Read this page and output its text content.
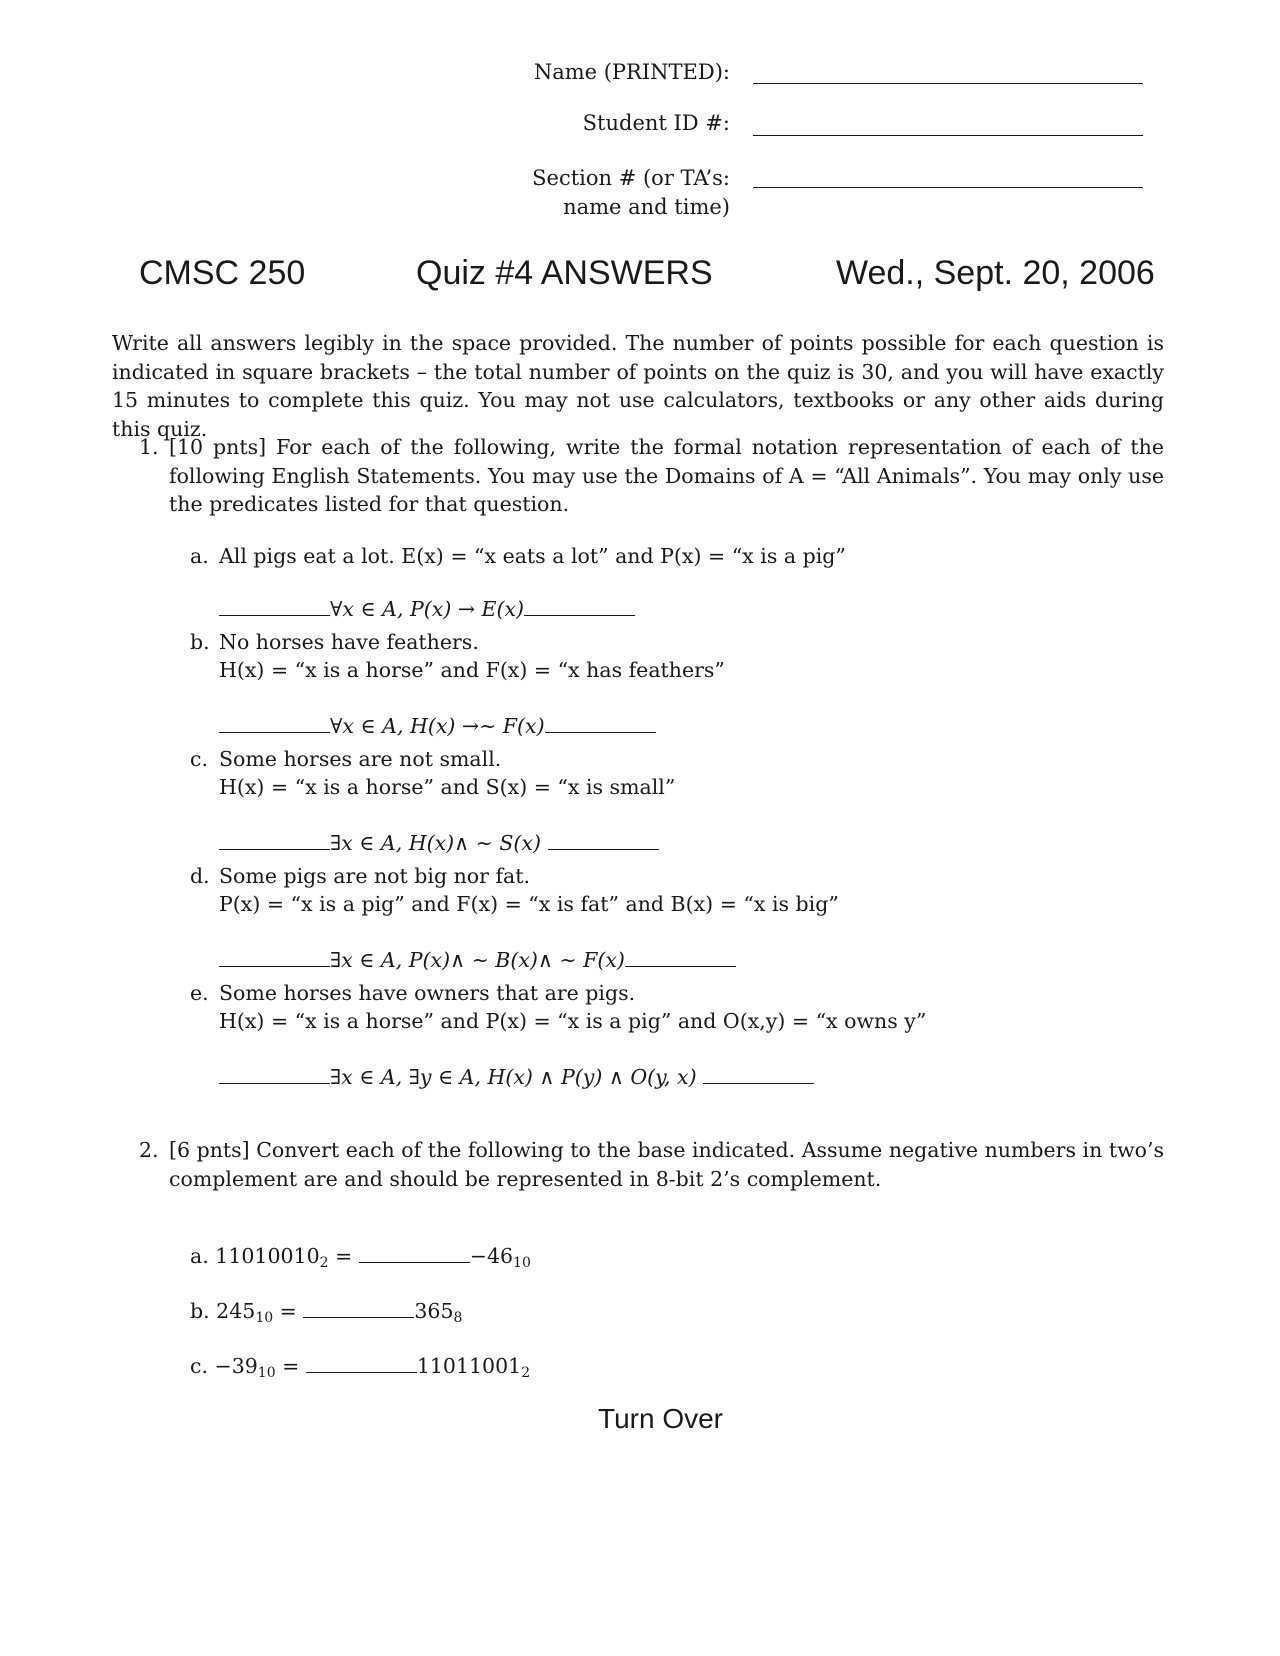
Name (PRINTED):
Student ID #:
Section # (or TA’s:
name and time)
CMSC 250	Quiz #4 ANSWERS	Wed., Sept. 20, 2006
Write all answers legibly in the space provided. The number of points possible for each question is indicated in square brackets – the total number of points on the quiz is 30, and you will have exactly 15 minutes to complete this quiz. You may not use calculators, textbooks or any other aids during this quiz.
1. [10 pnts] For each of the following, write the formal notation representation of each of the following English Statements. You may use the Domains of A = “All Animals”. You may only use the predicates listed for that question.
a. All pigs eat a lot. E(x) = “x eats a lot” and P(x) = “x is a pig”
∀x ∈ A, P(x) → E(x)
b. No horses have feathers.
H(x) = “x is a horse” and F(x) = “x has feathers”
∀x ∈ A, H(x) →∼ F(x)
c. Some horses are not small.
H(x) = “x is a horse” and S(x) = “x is small”
∃x ∈ A, H(x)∧ ∼ S(x)
d. Some pigs are not big nor fat.
P(x) = “x is a pig” and F(x) = “x is fat” and B(x) = “x is big”
∃x ∈ A, P(x)∧ ∼ B(x)∧ ∼ F(x)
e. Some horses have owners that are pigs.
H(x) = “x is a horse” and P(x) = “x is a pig” and O(x,y) = “x owns y”
∃x ∈ A, ∃y ∈ A, H(x) ∧ P(y) ∧ O(y, x)
2. [6 pnts] Convert each of the following to the base indicated. Assume negative numbers in two’s complement are and should be represented in 8-bit 2’s complement.
a. $11010010_2$ =	$-46_{10}$
b. $245_{10}$ =	$365_8$
c. $-39_{10}$ =	$11011001_2$
Turn Over
